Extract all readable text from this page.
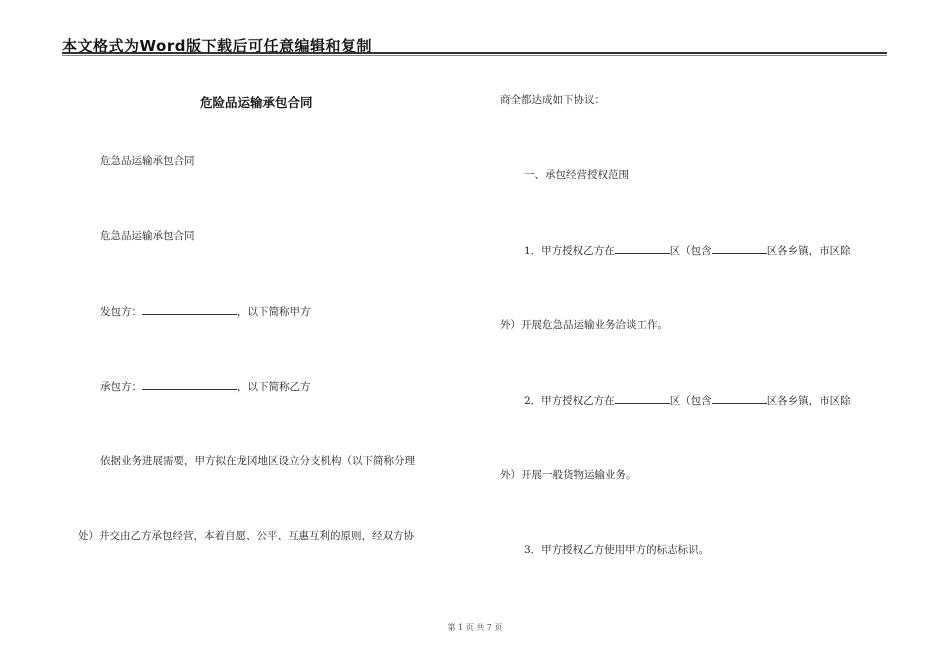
本文格式为Word版下载后可任意编辑和复制
危险品运输承包合同
危急品运输承包合同
危急品运输承包合同
发包方：	，以下简称甲方
承包方：	，以下简称乙方
依据业务进展需要，甲方拟在龙冈地区设立分支机构（以下简称分理
处）并交由乙方承包经营，本着自愿、公平、互惠互利的原则，经双方协
商全都达成如下协议：
一、承包经营授权范围
1．甲方授权乙方在	区（包含	区各乡镇，市区除
外）开展危急品运输业务洽谈工作。
2．甲方授权乙方在	区（包含	区各乡镇，市区除
外）开展一般货物运输业务。
3．甲方授权乙方使用甲方的标志标识。
第 1 页 共 7 页
